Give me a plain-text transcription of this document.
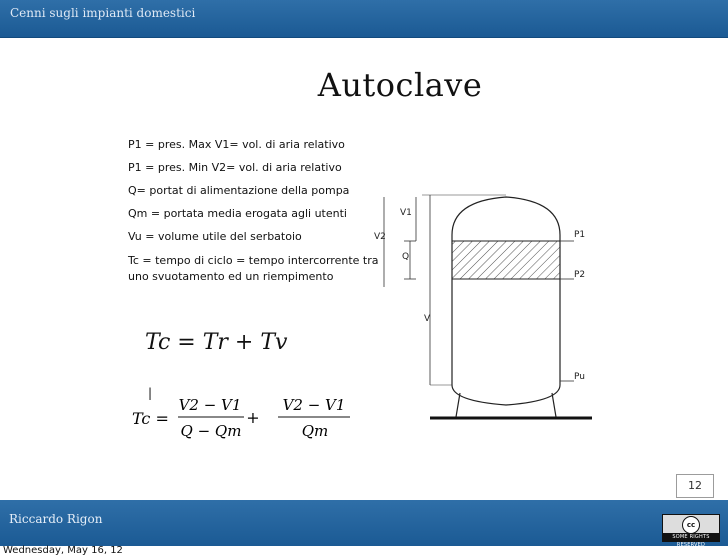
Cenni sugli impianti domestici
Autoclave
P1 = pres. Max V1= vol. di aria relativo
P1 = pres. Min V2= vol. di aria relativo
Q= portat di alimentazione della pompa
Qm = portata media erogata agli utenti
Vu = volume utile del serbatoio
Tc = tempo di ciclo = tempo intercorrente tra uno svuotamento ed un riempimento
Tc = Tr + Tv
|
Tc =
V2 − V1
Q − Qm
+
V2 − V1
Qm
V1
V2
Q
V
P1
P2
Pu
12
Riccardo Rigon	cc
SOME RIGHTS RESERVED
Wednesday, May 16, 12
